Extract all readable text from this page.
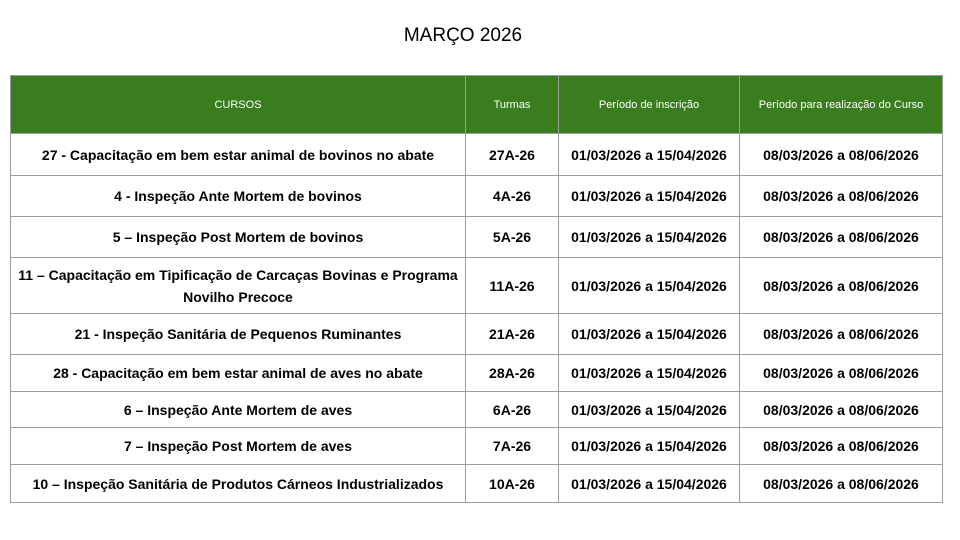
MARÇO 2026
CURSOS	Turmas	Período de inscrição	Período para realização do Curso
27 - Capacitação em bem estar animal de bovinos no abate	27A-26	01/03/2026 a 15/04/2026	08/03/2026 a 08/06/2026
4 - Inspeção Ante Mortem de bovinos	4A-26	01/03/2026 a 15/04/2026	08/03/2026 a 08/06/2026
5 – Inspeção Post Mortem de bovinos	5A-26	01/03/2026 a 15/04/2026	08/03/2026 a 08/06/2026
11 – Capacitação em Tipificação de Carcaças Bovinas e Programa Novilho Precoce	11A-26	01/03/2026 a 15/04/2026	08/03/2026 a 08/06/2026
21 - Inspeção Sanitária de Pequenos Ruminantes	21A-26	01/03/2026 a 15/04/2026	08/03/2026 a 08/06/2026
28 - Capacitação em bem estar animal de aves no abate	28A-26	01/03/2026 a 15/04/2026	08/03/2026 a 08/06/2026
6 – Inspeção Ante Mortem de aves	6A-26	01/03/2026 a 15/04/2026	08/03/2026 a 08/06/2026
7 – Inspeção Post Mortem de aves	7A-26	01/03/2026 a 15/04/2026	08/03/2026 a 08/06/2026
10 – Inspeção Sanitária de Produtos Cárneos Industrializados	10A-26	01/03/2026 a 15/04/2026	08/03/2026 a 08/06/2026
